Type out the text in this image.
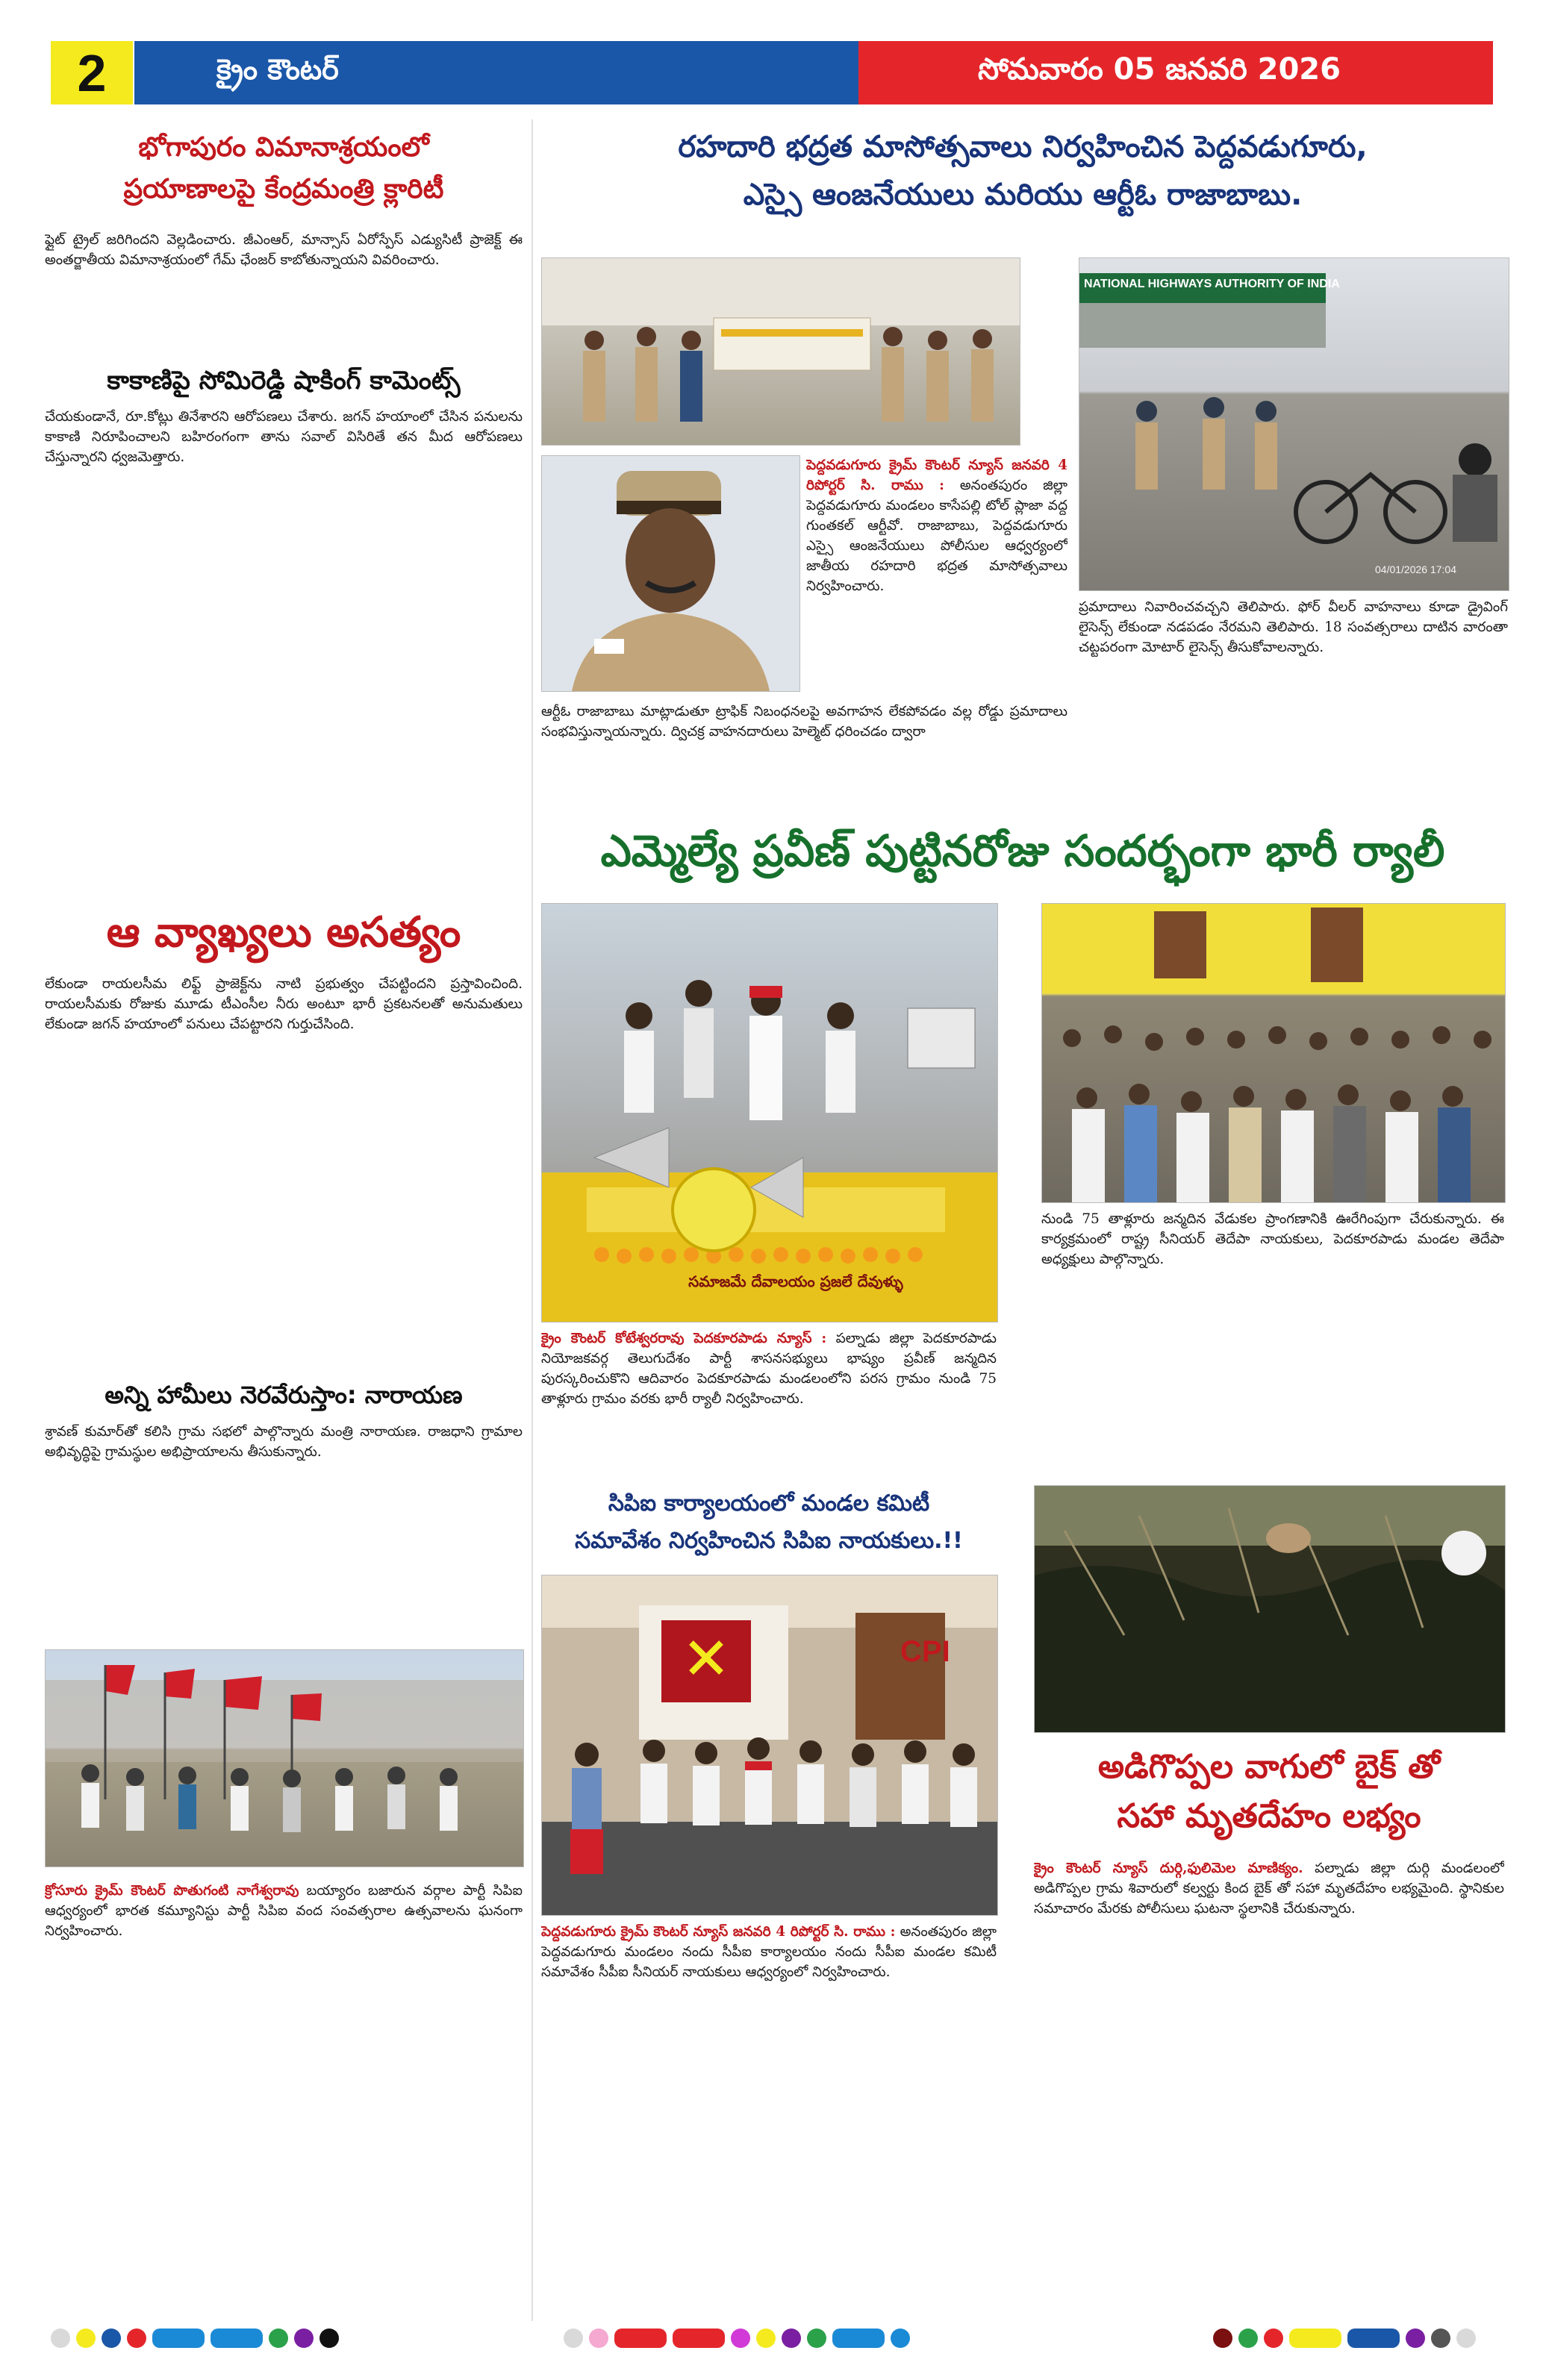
2	క్రైం కౌంటర్	సోమవారం 05 జనవరి 2026
భోగాపురం విమానాశ్రయంలో
ప్రయాణాలపై కేంద్రమంత్రి క్లారిటీ
ఫ్లైట్ ట్రైల్ జరిగిందని వెల్లడించారు. జీఎంఆర్, మాన్సాస్ ఏరోస్పేస్ ఎడ్యుసిటీ ప్రాజెక్ట్ ఈ అంతర్జాతీయ విమానాశ్రయంలో గేమ్ ఛేంజర్ కాబోతున్నాయని వివరించారు.
కాకాణిపై సోమిరెడ్డి షాకింగ్ కామెంట్స్
చేయకుండానే, రూ.కోట్లు తినేశారని ఆరోపణలు చేశారు. జగన్ హయాంలో చేసిన పనులను కాకాణి నిరూపించాలని బహిరంగంగా తాను సవాల్ విసిరితే తన మీద ఆరోపణలు చేస్తున్నారని ధ్వజమెత్తారు.
ఆ వ్యాఖ్యలు అసత్యం
లేకుండా రాయలసీమ లిఫ్ట్ ప్రాజెక్ట్‌ను నాటి ప్రభుత్వం చేపట్టిందని ప్రస్తావించింది. రాయలసీమకు రోజుకు మూడు టీఎంసీల నీరు అంటూ భారీ ప్రకటనలతో అనుమతులు లేకుండా జగన్ హయాంలో పనులు చేపట్టారని గుర్తుచేసింది.
అన్ని హామీలు నెరవేరుస్తాం: నారాయణ
శ్రావణ్ కుమార్‌తో కలిసి గ్రామ సభలో పాల్గొన్నారు మంత్రి నారాయణ. రాజధాని గ్రామాల అభివృద్ధిపై గ్రామస్థుల అభిప్రాయాలను తీసుకున్నారు.
క్రోసూరు క్రైమ్ కౌంటర్ పొతుగంటి నాగేశ్వరావు బయ్యారం బజారున వర్గాల పార్టీ సిపిఐ ఆధ్వర్యంలో భారత కమ్యూనిస్టు పార్టీ సిపిఐ వంద సంవత్సరాల ఉత్సవాలను ఘనంగా నిర్వహించారు.
రహదారి భద్రత మాసోత్సవాలు నిర్వహించిన పెద్దవడుగూరు,
ఎస్సై ఆంజనేయులు మరియు ఆర్టీఓ రాజాబాబు.
NATIONAL HIGHWAYS AUTHORITY OF INDIA
04/01/2026 17:04
పెద్దవడుగూరు క్రైమ్ కౌంటర్ న్యూస్ జనవరి 4 రిపోర్టర్ సి. రాము : అనంతపురం జిల్లా పెద్దవడుగూరు మండలం కాసేపల్లి టోల్ ప్లాజా వద్ద గుంతకల్ ఆర్టీవో. రాజాబాబు, పెద్దవడుగూరు ఎస్సై ఆంజనేయులు పోలీసుల ఆధ్వర్యంలో జాతీయ రహదారి భద్రత మాసోత్సవాలు నిర్వహించారు.
ఆర్టీఓ రాజాబాబు మాట్లాడుతూ ట్రాఫిక్ నిబంధనలపై అవగాహన లేకపోవడం వల్ల రోడ్డు ప్రమాదాలు సంభవిస్తున్నాయన్నారు. ద్విచక్ర వాహనదారులు హెల్మెట్ ధరించడం ద్వారా
ప్రమాదాలు నివారించవచ్చని తెలిపారు. ఫోర్ వీలర్ వాహనాలు కూడా డ్రైవింగ్ లైసెన్స్ లేకుండా నడపడం నేరమని తెలిపారు. 18 సంవత్సరాలు దాటిన వారంతా చట్టపరంగా మోటార్ లైసెన్స్ తీసుకోవాలన్నారు.
ఎమ్మెల్యే ప్రవీణ్ పుట్టినరోజు సందర్భంగా భారీ ర్యాలీ
సమాజమే దేవాలయం ప్రజలే దేవుళ్ళు
క్రైం కౌంటర్ కోటేశ్వరరావు పెదకూరపాడు న్యూస్ : పల్నాడు జిల్లా పెదకూరపాడు నియోజకవర్గ తెలుగుదేశం పార్టీ శాసనసభ్యులు భాష్యం ప్రవీణ్ జన్మదిన పురస్కరించుకొని ఆదివారం పెదకూరపాడు మండలంలోని పరస గ్రామం నుండి 75 తాళ్లూరు గ్రామం వరకు భారీ ర్యాలీ నిర్వహించారు.
నుండి 75 తాళ్లూరు జన్మదిన వేడుకల ప్రాంగణానికి ఊరేగింపుగా చేరుకున్నారు. ఈ కార్యక్రమంలో రాష్ట్ర సీనియర్ తెదేపా నాయకులు, పెదకూరపాడు మండల తెదేపా అధ్యక్షులు పాల్గొన్నారు.
సిపిఐ కార్యాలయంలో మండల కమిటీ
సమావేశం నిర్వహించిన సిపిఐ నాయకులు.!!
CPI
పెద్దవడుగూరు క్రైమ్ కౌంటర్ న్యూస్ జనవరి 4 రిపోర్టర్ సి. రాము : అనంతపురం జిల్లా పెద్దవడుగూరు మండలం నందు సీపీఐ కార్యాలయం నందు సీపీఐ మండల కమిటీ సమావేశం సీపీఐ సీనియర్ నాయకులు ఆధ్వర్యంలో నిర్వహించారు.
అడిగొప్పల వాగులో బైక్ తో
సహా మృతదేహం లభ్యం
క్రైం కౌంటర్ న్యూస్ దుర్గి,ఫులిమెల మాణిక్యం. పల్నాడు జిల్లా దుర్గి మండలంలో అడిగొప్పల గ్రామ శివారులో కల్వర్టు కింద బైక్ తో సహా మృతదేహం లభ్యమైంది. స్థానికుల సమాచారం మేరకు పోలీసులు ఘటనా స్థలానికి చేరుకున్నారు.
